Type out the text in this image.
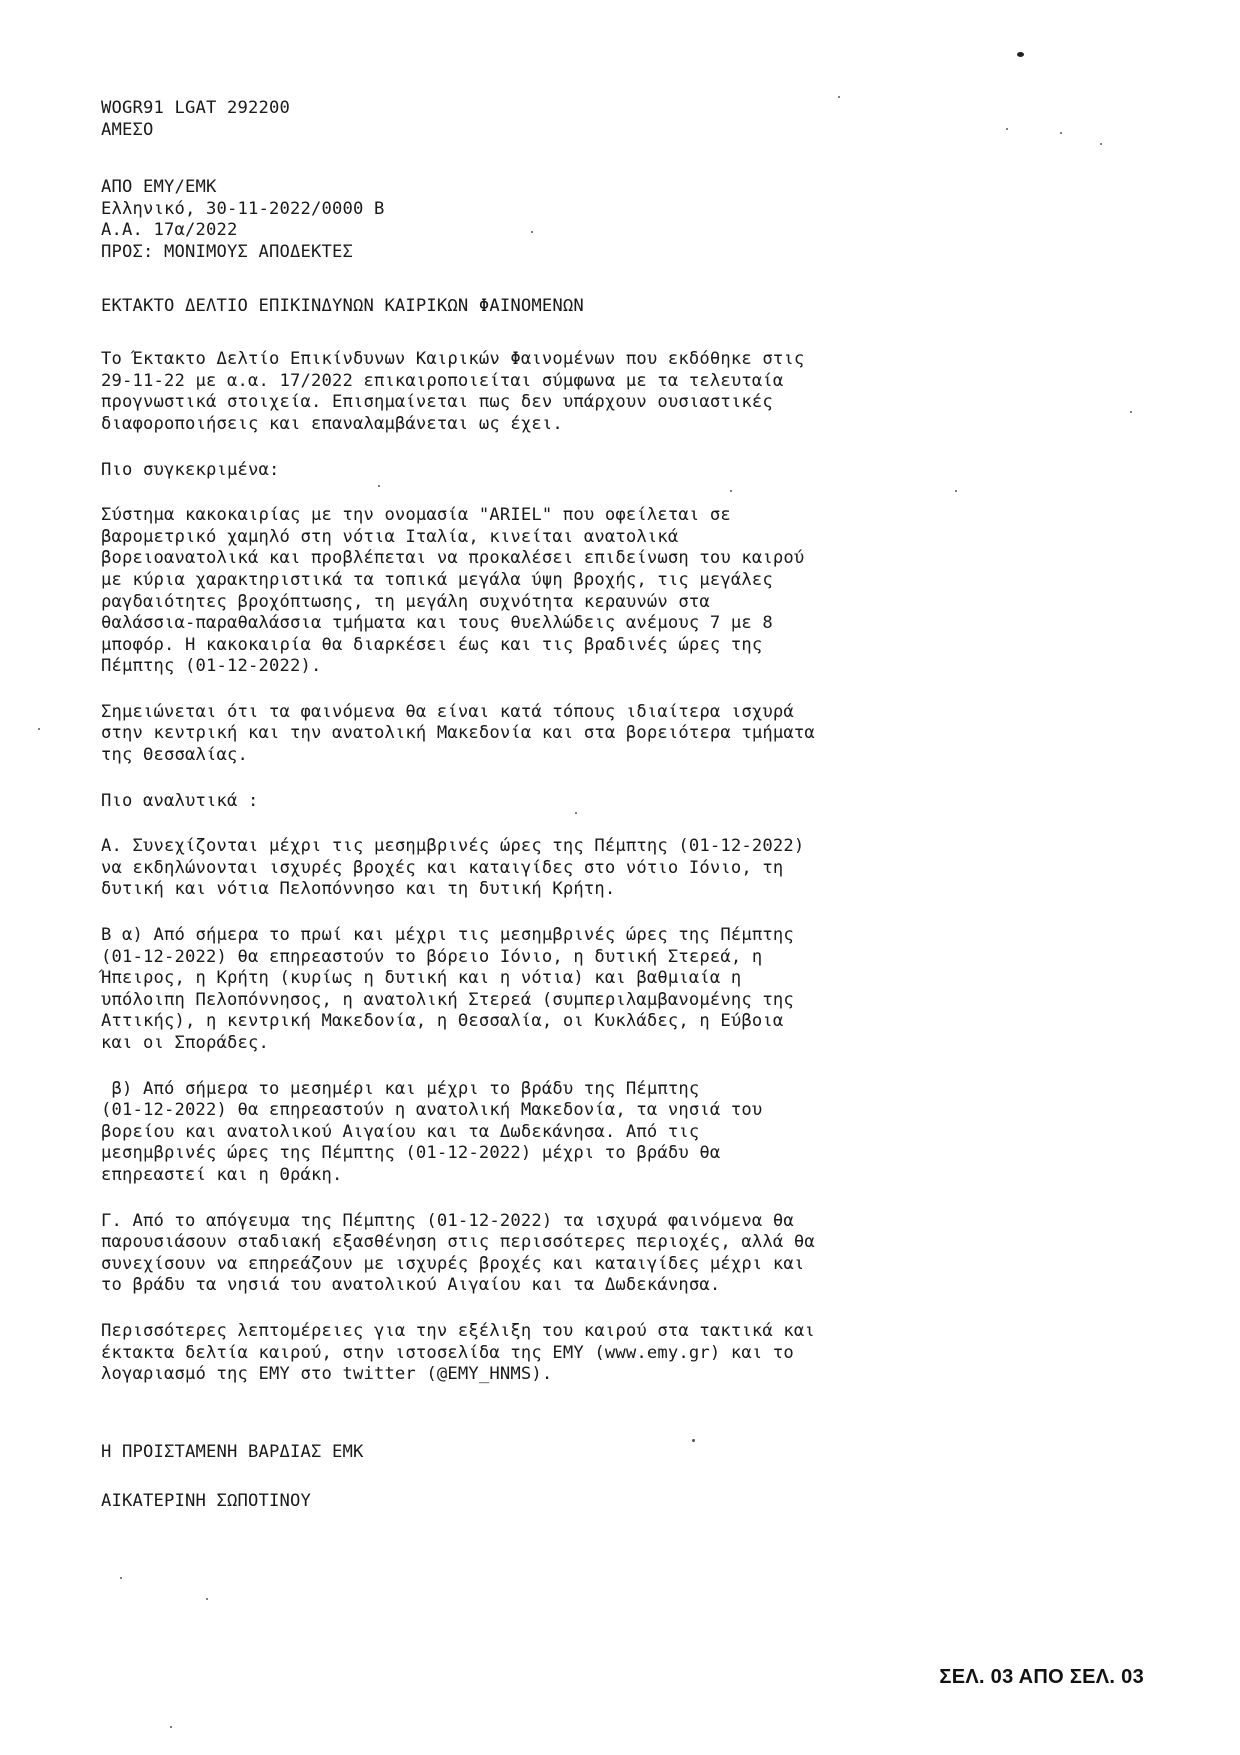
WOGR91 LGAT 292200
ΑΜΕΣΟ
ΑΠΟ ΕΜΥ/ΕΜΚ
Ελληνικό, 30-11-2022/0000 Β
Α.Α. 17α/2022
ΠΡΟΣ: ΜΟΝΙΜΟΥΣ ΑΠΟΔΕΚΤΕΣ
ΕΚΤΑΚΤΟ ΔΕΛΤΙΟ ΕΠΙΚΙΝΔΥΝΩΝ ΚΑΙΡΙΚΩΝ ΦΑΙΝΟΜΕΝΩΝ
Το Έκτακτο Δελτίο Επικίνδυνων Καιρικών Φαινομένων που εκδόθηκε στις
29-11-22 με α.α. 17/2022 επικαιροποιείται σύμφωνα με τα τελευταία
προγνωστικά στοιχεία. Επισημαίνεται πως δεν υπάρχουν ουσιαστικές
διαφοροποιήσεις και επαναλαμβάνεται ως έχει.
Πιο συγκεκριμένα:
Σύστημα κακοκαιρίας με την ονομασία "ARIEL" που οφείλεται σε
βαρομετρικό χαμηλό στη νότια Ιταλία, κινείται ανατολικά
βορειοανατολικά και προβλέπεται να προκαλέσει επιδείνωση του καιρού
με κύρια χαρακτηριστικά τα τοπικά μεγάλα ύψη βροχής, τις μεγάλες
ραγδαιότητες βροχόπτωσης, τη μεγάλη συχνότητα κεραυνών στα
θαλάσσια-παραθαλάσσια τμήματα και τους θυελλώδεις ανέμους 7 με 8
μποφόρ. Η κακοκαιρία θα διαρκέσει έως και τις βραδινές ώρες της
Πέμπτης (01-12-2022).
Σημειώνεται ότι τα φαινόμενα θα είναι κατά τόπους ιδιαίτερα ισχυρά
στην κεντρική και την ανατολική Μακεδονία και στα βορειότερα τμήματα
της Θεσσαλίας.
Πιο αναλυτικά :
Α. Συνεχίζονται μέχρι τις μεσημβρινές ώρες της Πέμπτης (01-12-2022)
να εκδηλώνονται ισχυρές βροχές και καταιγίδες στο νότιο Ιόνιο, τη
δυτική και νότια Πελοπόννησο και τη δυτική Κρήτη.
Β α) Από σήμερα το πρωί και μέχρι τις μεσημβρινές ώρες της Πέμπτης
(01-12-2022) θα επηρεαστούν το βόρειο Ιόνιο, η δυτική Στερεά, η
Ήπειρος, η Κρήτη (κυρίως η δυτική και η νότια) και βαθμιαία η
υπόλοιπη Πελοπόννησος, η ανατολική Στερεά (συμπεριλαμβανομένης της
Αττικής), η κεντρική Μακεδονία, η Θεσσαλία, οι Κυκλάδες, η Εύβοια
και οι Σποράδες.
β) Από σήμερα το μεσημέρι και μέχρι το βράδυ της Πέμπτης
(01-12-2022) θα επηρεαστούν η ανατολική Μακεδονία, τα νησιά του
βορείου και ανατολικού Αιγαίου και τα Δωδεκάνησα. Από τις
μεσημβρινές ώρες της Πέμπτης (01-12-2022) μέχρι το βράδυ θα
επηρεαστεί και η Θράκη.
Γ. Από το απόγευμα της Πέμπτης (01-12-2022) τα ισχυρά φαινόμενα θα
παρουσιάσουν σταδιακή εξασθένηση στις περισσότερες περιοχές, αλλά θα
συνεχίσουν να επηρεάζουν με ισχυρές βροχές και καταιγίδες μέχρι και
το βράδυ τα νησιά του ανατολικού Αιγαίου και τα Δωδεκάνησα.
Περισσότερες λεπτομέρειες για την εξέλιξη του καιρού στα τακτικά και
έκτακτα δελτία καιρού, στην ιστοσελίδα της ΕΜΥ (www.emy.gr) και το
λογαριασμό της ΕΜΥ στο twitter (@EMY_HNMS).
Η ΠΡΟΙΣΤΑΜΕΝΗ ΒΑΡΔΙΑΣ ΕΜΚ
ΑΙΚΑΤΕΡΙΝΗ ΣΩΠΟΤΙΝΟΥ
ΣΕΛ. 03 ΑΠΟ ΣΕΛ. 03
